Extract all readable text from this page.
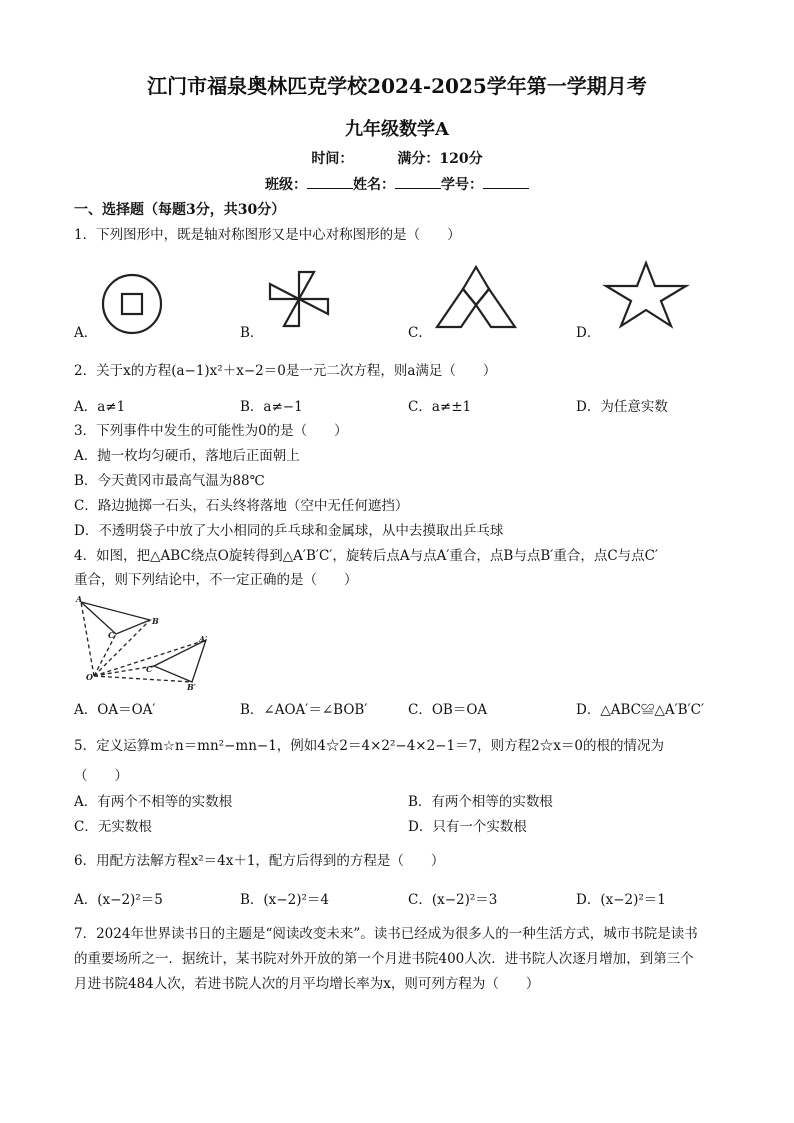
江门市福泉奥林匹克学校2024-2025学年第一学期月考
九年级数学A
时间：	满分：120分
班级：	姓名：	学号：
一、选择题（每题3分，共30分）
1．下列图形中，既是轴对称图形又是中心对称图形的是（　　）
A．	B．	C．	D．
2．关于x的方程(a−1)x²＋x−2＝0是一元二次方程，则a满足（　　）
A．a≠1	B．a≠−1	C．a≠±1	D．为任意实数
3．下列事件中发生的可能性为0的是（　　）
A．抛一枚均匀硬币，落地后正面朝上
B．今天黄冈市最高气温为88℃
C．路边抛掷一石头，石头终将落地（空中无任何遮挡）
D．不透明袋子中放了大小相同的乒乓球和金属球，从中去摸取出乒乓球
4．如图，把△ABC绕点O旋转得到△A′B′C′，旋转后点A与点A′重合，点B与点B′重合，点C与点C′
重合，则下列结论中，不一定正确的是（　　）
A
B
C
O
A′
B′
C′
A．OA＝OA′	B．∠AOA′＝∠BOB′	C．OB＝OA	D．△ABC≌△A′B′C′
5．定义运算m☆n＝mn²−mn−1，例如4☆2＝4×2²−4×2−1＝7，则方程2☆x＝0的根的情况为
（　　）
A．有两个不相等的实数根	B．有两个相等的实数根
C．无实数根	D．只有一个实数根
6．用配方法解方程x²＝4x＋1，配方后得到的方程是（　　）
A．(x−2)²＝5	B．(x−2)²＝4	C．(x−2)²＝3	D．(x−2)²＝1
7．2024年世界读书日的主题是“阅读改变未来”。读书已经成为很多人的一种生活方式，城市书院是读书
的重要场所之一．据统计，某书院对外开放的第一个月进书院400人次．进书院人次逐月增加，到第三个
月进书院484人次，若进书院人次的月平均增长率为x，则可列方程为（　　）
